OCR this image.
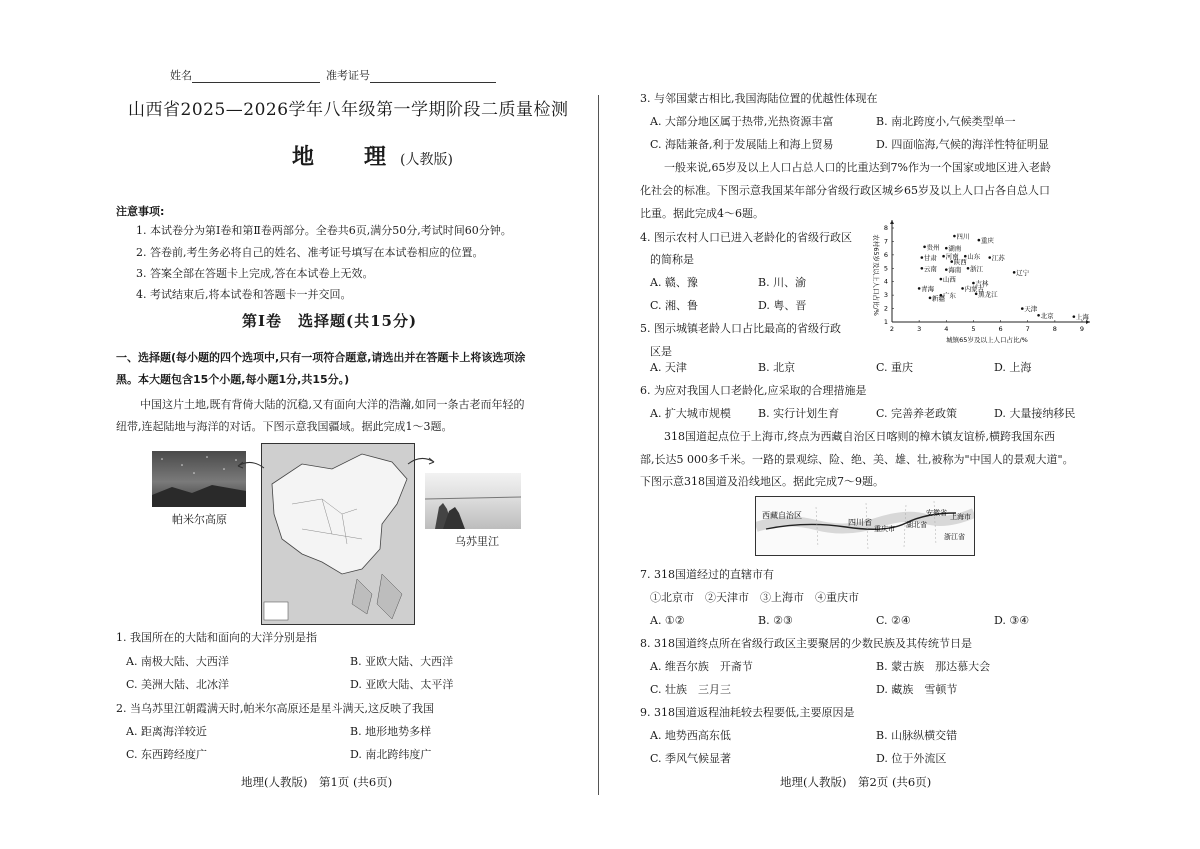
姓名	准考证号
山西省2025—2026学年八年级第一学期阶段二质量检测
地　理(人教版)
注意事项:
1. 本试卷分为第Ⅰ卷和第Ⅱ卷两部分。全卷共6页,满分50分,考试时间60分钟。
2. 答卷前,考生务必将自己的姓名、准考证号填写在本试卷相应的位置。
3. 答案全部在答题卡上完成,答在本试卷上无效。
4. 考试结束后,将本试卷和答题卡一并交回。
第Ⅰ卷　选择题(共15分)
一、选择题(每小题的四个选项中,只有一项符合题意,请选出并在答题卡上将该选项涂
黑。本大题包含15个小题,每小题1分,共15分。)
中国这片土地,既有背倚大陆的沉稳,又有面向大洋的浩瀚,如同一条古老而年轻的
纽带,连起陆地与海洋的对话。下图示意我国疆域。据此完成1～3题。
帕米尔高原
乌苏里江
1. 我国所在的大陆和面向的大洋分别是指
A. 南极大陆、大西洋	B. 亚欧大陆、大西洋
C. 美洲大陆、北冰洋	D. 亚欧大陆、太平洋
2. 当乌苏里江朝霞满天时,帕米尔高原还是星斗满天,这反映了我国
A. 距离海洋较近	B. 地形地势多样
C. 东西跨经度广	D. 南北跨纬度广
地理(人教版)　第1页 (共6页)
3. 与邻国蒙古相比,我国海陆位置的优越性体现在
A. 大部分地区属于热带,光热资源丰富	B. 南北跨度小,气候类型单一
C. 海陆兼备,利于发展陆上和海上贸易	D. 四面临海,气候的海洋性特征明显
一般来说,65岁及以上人口占总人口的比重达到7%作为一个国家或地区进入老龄
化社会的标准。下图示意我国某年部分省级行政区城乡65岁及以上人口占各自总人口
比重。据此完成4～6题。
4. 图示农村人口已进入老龄化的省级行政区
的简称是
A. 赣、豫	B. 川、渝
C. 湘、鲁	D. 粤、晋
5. 图示城镇老龄人口占比最高的省级行政
区是
2	3	4	5	6	7	8	9
1
2
3
4
5
6
7
8
城镇65岁及以上人口占比/%
农村65岁及以上人口占比/%	四川
重庆
贵州 湖南
甘肃 河南 山东 江苏
陕西
云南 海南 浙江
辽宁
山西
吉林
青海	内蒙古
广东
新疆
黑龙江
天津
北京	上海
A. 天津	B. 北京	C. 重庆	D. 上海
6. 为应对我国人口老龄化,应采取的合理措施是
A. 扩大城市规模 B. 实行计划生育	C. 完善养老政策	D. 大量接纳移民
318国道起点位于上海市,终点为西藏自治区日喀则的樟木镇友谊桥,横跨我国东西
部,长达5 000多千米。一路的景观综、险、绝、美、雄、壮,被称为"中国人的景观大道"。
下图示意318国道及沿线地区。据此完成7～9题。
西藏自治区
四川省
重庆市 湖北省
安徽省 上海市
浙江省
7. 318国道经过的直辖市有
①北京市　②天津市　③上海市　④重庆市
A. ①②	B. ②③	C. ②④	D. ③④
8. 318国道终点所在省级行政区主要聚居的少数民族及其传统节日是
A. 维吾尔族　开斋节	B. 蒙古族　那达慕大会
C. 壮族　三月三	D. 藏族　雪顿节
9. 318国道返程油耗较去程要低,主要原因是
A. 地势西高东低	B. 山脉纵横交错
C. 季风气候显著	D. 位于外流区
地理(人教版)　第2页 (共6页)
